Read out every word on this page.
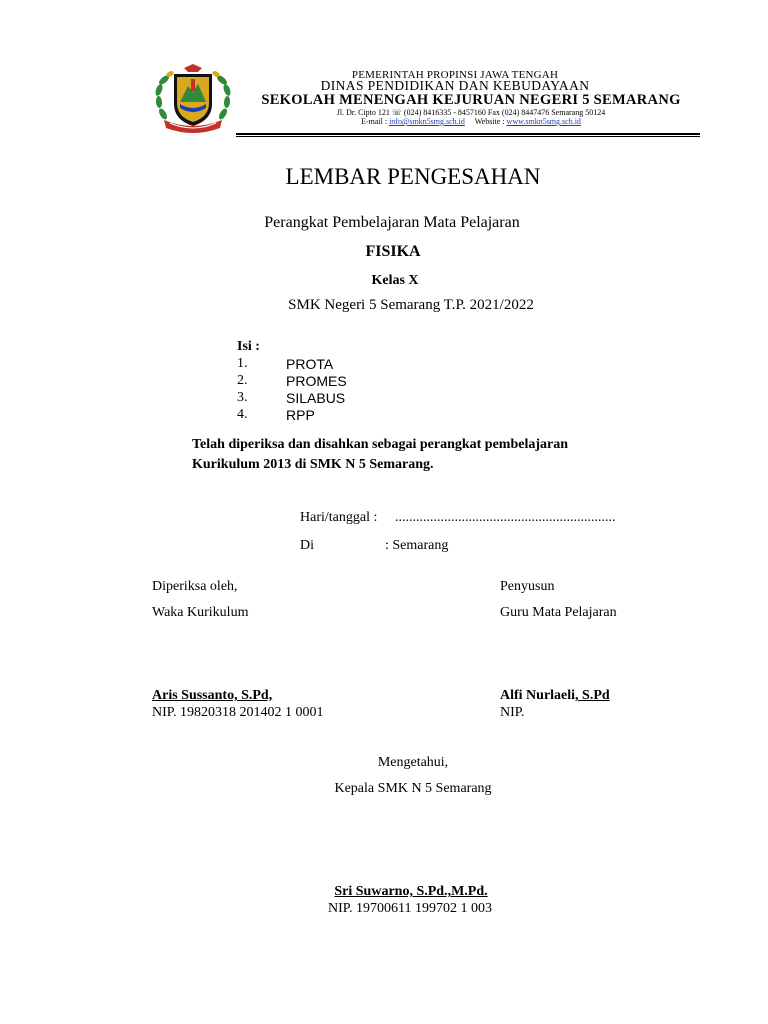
PEMERINTAH PROPINSI JAWA TENGAH
DINAS PENDIDIKAN DAN KEBUDAYAAN
SEKOLAH MENENGAH KEJURUAN NEGERI 5 SEMARANG
Jl. Dr. Cipto 121 ☏ (024) 8416335 - 8457160 Fax (024) 8447476 Semarang 50124
E-mail : info@smkn5smg.sch.id Website : www.smkn5smg.sch.id
LEMBAR PENGESAHAN
Perangkat Pembelajaran Mata Pelajaran
FISIKA
Kelas X
SMK Negeri 5 Semarang T.P. 2021/2022
Isi :
1.	PROTA
2.	PROMES
3.	SILABUS
4.	RPP
Telah diperiksa dan disahkan sebagai perangkat pembelajaran
Kurikulum 2013 di SMK N 5 Semarang.
Hari/tanggal : ...............................................................
Di	: Semarang
Diperiksa oleh,
Waka Kurikulum
Aris Sussanto, S.Pd,
NIP. 19820318 201402 1 0001
Penyusun
Guru Mata Pelajaran
Alfi Nurlaeli, S.Pd
NIP.
Mengetahui,
Kepala SMK N 5 Semarang
Sri Suwarno, S.Pd.,M.Pd.
NIP. 19700611 199702 1 003
